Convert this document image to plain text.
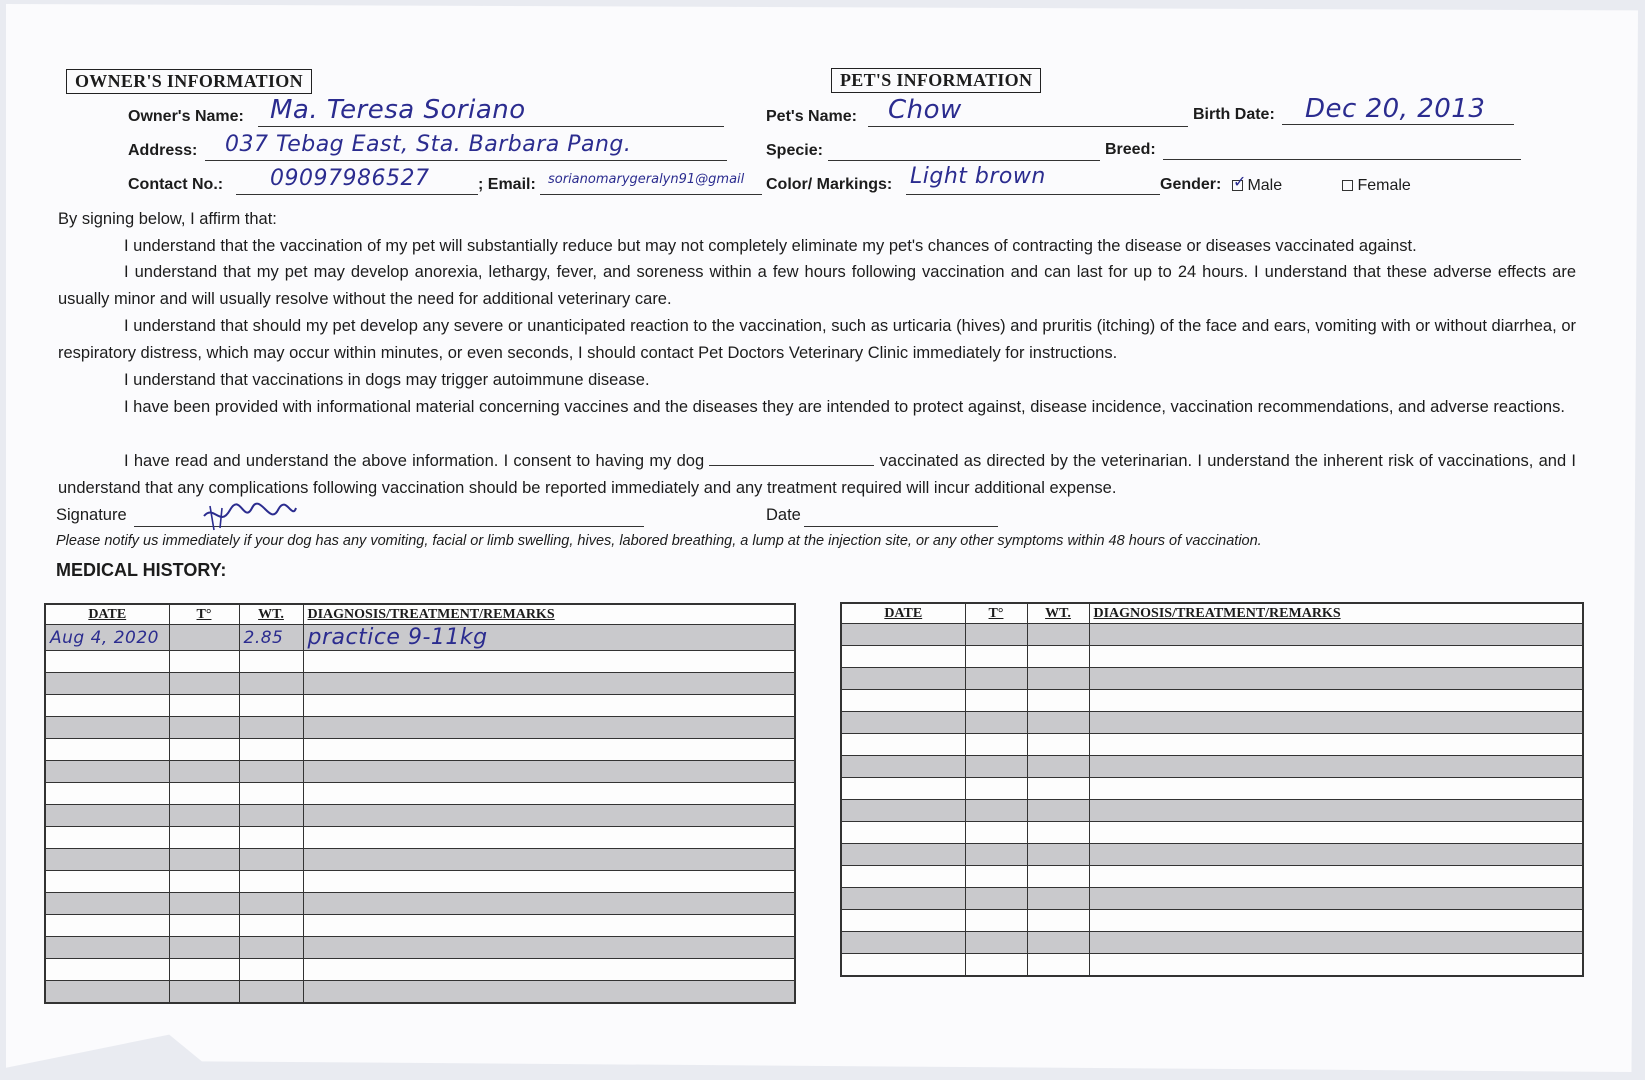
OWNER'S INFORMATION	PET'S INFORMATION
Owner's Name: Ma. Teresa Soriano
Address: 037 Tebag East, Sta. Barbara Pang.
Contact No.: 09097986527	; Email: sorianomarygeralyn91@gmail
Pet's Name: Chow	Birth Date: Dec 20, 2013
Specie:	Breed:
Color/ Markings: Light brown	Gender: ✓ Male	Female
By signing below, I affirm that:

I understand that the vaccination of my pet will substantially reduce but may not completely eliminate my pet's chances of contracting the disease or diseases vaccinated against.

I understand that my pet may develop anorexia, lethargy, fever, and soreness within a few hours following vaccination and can last for up to 24 hours. I understand that these adverse effects are usually minor and will usually resolve without the need for additional veterinary care.

I understand that should my pet develop any severe or unanticipated reaction to the vaccination, such as urticaria (hives) and pruritis (itching) of the face and ears, vomiting with or without diarrhea, or respiratory distress, which may occur within minutes, or even seconds, I should contact Pet Doctors Veterinary Clinic immediately for instructions.

I understand that vaccinations in dogs may trigger autoimmune disease.

I have been provided with informational material concerning vaccines and the diseases they are intended to protect against, disease incidence, vaccination recommendations, and adverse reactions.

I have read and understand the above information. I consent to having my dog	vaccinated as directed by the veterinarian. I understand the inherent risk of vaccinations, and I understand that any complications following vaccination should be reported immediately and any treatment required will incur additional expense.

Signature	Date
Please notify us immediately if your dog has any vomiting, facial or limb swelling, hives, labored breathing, a lump at the injection site, or any other symptoms within 48 hours of vaccination.
MEDICAL HISTORY:
DATE	T°	WT.	DIAGNOSIS/TREATMENT/REMARKS
Aug 4, 2020		2.85	practice 9-11kg

DATE	T°	WT.	DIAGNOSIS/TREATMENT/REMARKS
